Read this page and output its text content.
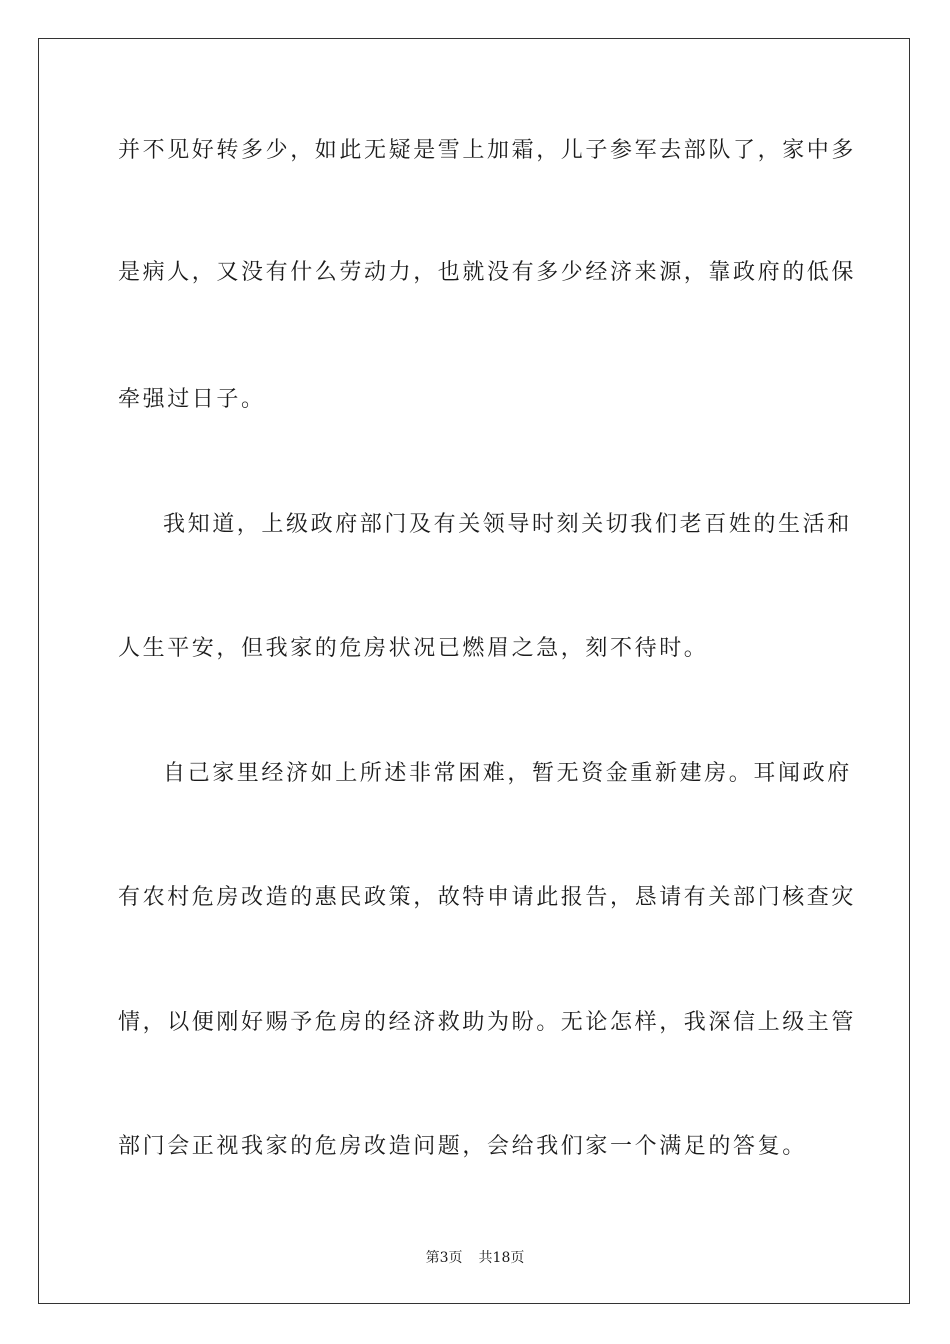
并不见好转多少，如此无疑是雪上加霜，儿子参军去部队了，家中多
是病人，又没有什么劳动力，也就没有多少经济来源，靠政府的低保
牵强过日子。
我知道，上级政府部门及有关领导时刻关切我们老百姓的生活和
人生平安，但我家的危房状况已燃眉之急，刻不待时。
自己家里经济如上所述非常困难，暂无资金重新建房。耳闻政府
有农村危房改造的惠民政策，故特申请此报告，恳请有关部门核查灾
情，以便刚好赐予危房的经济救助为盼。无论怎样，我深信上级主管
部门会正视我家的危房改造问题，会给我们家一个满足的答复。
第3页 共18页
